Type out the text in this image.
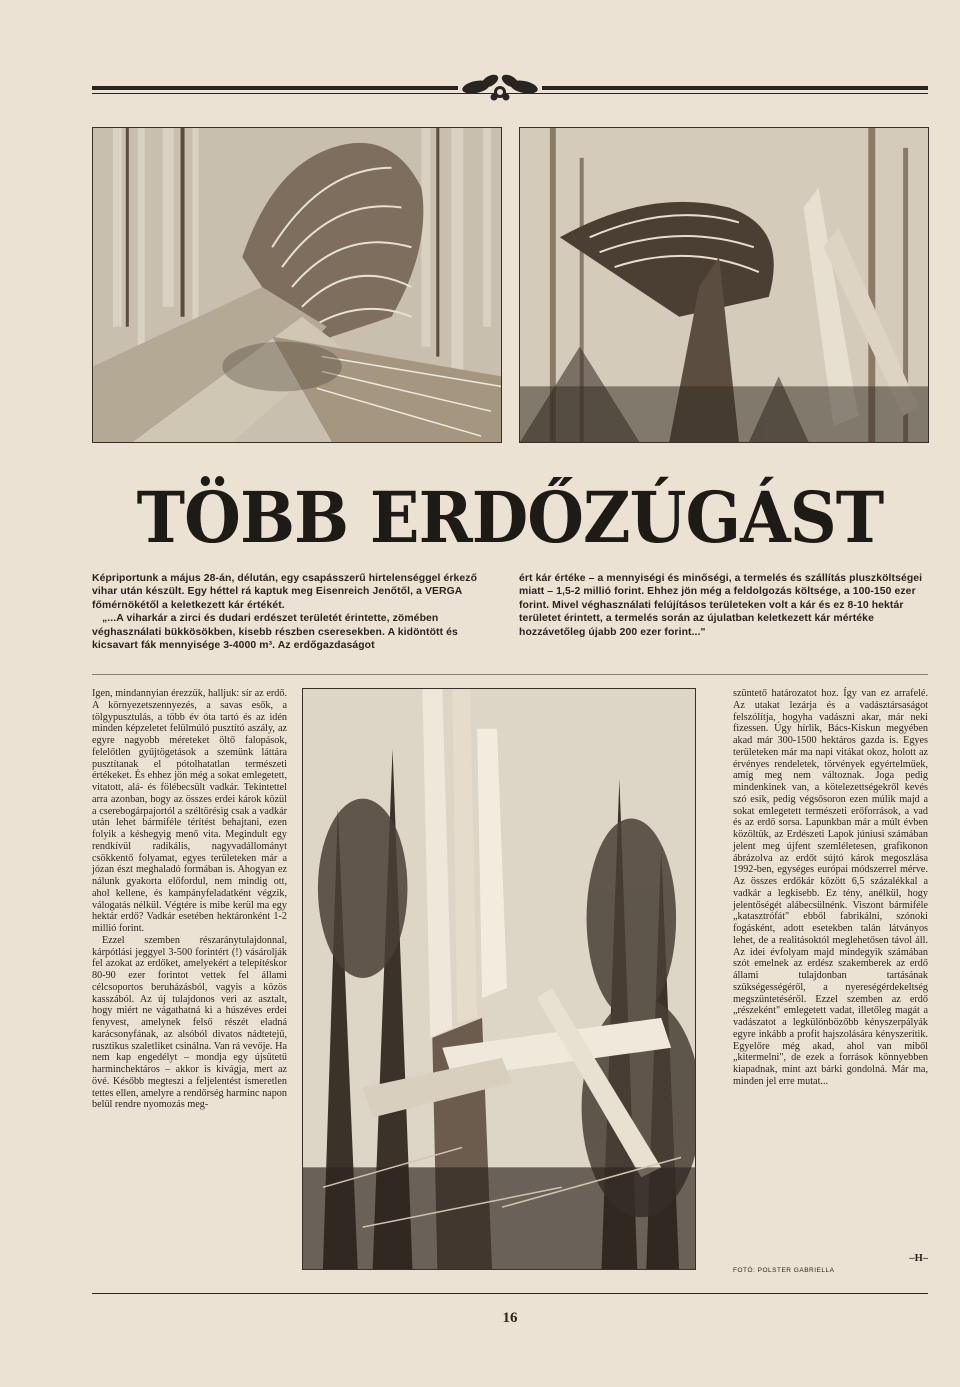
TÖBB ERDŐZÚGÁST

Képriportunk a május 28-án, délután, egy csapásszerű hirtelenséggel érkező vihar után készült. Egy héttel rá kaptuk meg Eisenreich Jenőtől, a VERGA főmérnökétől a keletkezett kár értékét.

„...A viharkár a zirci és dudari erdészet területét érintette, zömében véghasználati bükkösökben, kisebb részben cseresekben. A kidöntött és kicsavart fák mennyisége 3-4000 m³. Az erdőgazdaságot

ért kár értéke – a mennyiségi és minőségi, a termelés és szállítás pluszköltségei miatt – 1,5-2 millió forint. Ehhez jön még a feldolgozás költsége, a 100-150 ezer forint. Mivel véghasználati felújításos területeken volt a kár és ez 8-10 hektár területet érintett, a termelés során az újulatban keletkezett kár mértéke hozzávetőleg újabb 200 ezer forint..."

Igen, mindannyian érezzük, halljuk: sír az erdő. A környezetszennyezés, a savas esők, a tölgypusztulás, a több év óta tartó és az idén minden képzeletet felülmúló pusztító aszály, az egyre nagyobb méreteket öltő falopások, felelőtlen gyűjtögetások a szemünk láttára pusztítanak el pótolhatatlan természeti értékeket. És ehhez jön még a sokat emlegetett, vitatott, alá- és fölébecsült vadkár. Tekintettel arra azonban, hogy az összes erdei károk közül a cserebogárpajortól a széltörésig csak a vadkár után lehet bármiféle térítést behajtani, ezen folyik a késhegyig menő vita. Megindult egy rendkívül radikális, nagyvadállományt csökkentő folyamat, egyes területeken már a józan észt meghaladó formában is. Ahogyan ez nálunk gyakorta előfordul, nem mindig ott, ahol kellene, és kampányfeladatként végzik, válogatás nélkül. Végtére is mibe kerül ma egy hektár erdő? Vadkár esetében hektáronként 1-2 millió forint.

Ezzel szemben részaránytulajdonnal, kárpótlási jeggyel 3-500 forintért (!) vásárolják fel azokat az erdőket, amelyekért a telepítéskor 80-90 ezer forintot vettek fel állami célcsoportos beruházásból, vagyis a közös kasszából. Az új tulajdonos veri az asztalt, hogy miért ne vágathatná ki a húszéves erdei fenyvest, amelynek felső részét eladná karácsonyfának, az alsóból divatos nádtetejű, rusztikus szaletliket csinálna. Van rá vevője. Ha nem kap engedélyt – mondja egy újsütetű harminchektáros – akkor is kivágja, mert az övé. Később megteszi a feljelentést ismeretlen tettes ellen, amelyre a rendőrség harminc napon belül rendre nyomozás meg-

szüntető határozatot hoz. Így van ez arrafelé. Az utakat lezárja és a vadásztársaságot felszólítja, hogyha vadászni akar, már neki fizessen. Úgy hírlik, Bács-Kiskun megyében akad már 300-1500 hektáros gazda is. Egyes területeken már ma napi vitákat okoz, holott az érvényes rendeletek, törvények egyértelműek, amíg meg nem változnak. Joga pedig mindenkinek van, a kötelezettségekről kevés szó esik, pedig végsősoron ezen múlik majd a sokat emlegetett természeti erőforrások, a vad és az erdő sorsa. Lapunkban már a múlt évben közöltük, az Erdészeti Lapok júniusi számában jelent meg újfent szemléletesen, grafikonon ábrázolva az erdőt sújtó károk megoszlása 1992-ben, egységes európai módszerrel mérve. Az összes erdőkár között 6,5 százalékkal a vadkár a legkisebb. Ez tény, anélkül, hogy jelentőségét alábecsülnénk. Viszont bármiféle „katasztrófát" ebből fabrikálni, szónoki fogásként, adott esetekben talán látványos lehet, de a realitásoktól meglehetősen távol áll. Az idei évfolyam majd mindegyik számában szót emelnek az erdész szakemberek az erdő állami tulajdonban tartásának szükségességéről, a nyereségérdekeltség megszüntetéséről. Ezzel szemben az erdő „részeként" emlegetett vadat, illetőleg magát a vadászatot a legkülönbözőbb kényszerpályák egyre inkább a profit hajszolására kényszerítik. Egyelőre még akad, ahol van miből „kitermelni", de ezek a források könnyebben kiapadnak, mint azt bárki gondolná. Már ma, minden jel erre mutat...

–H–
FOTÓ: POLSTER GABRIELLA
16
